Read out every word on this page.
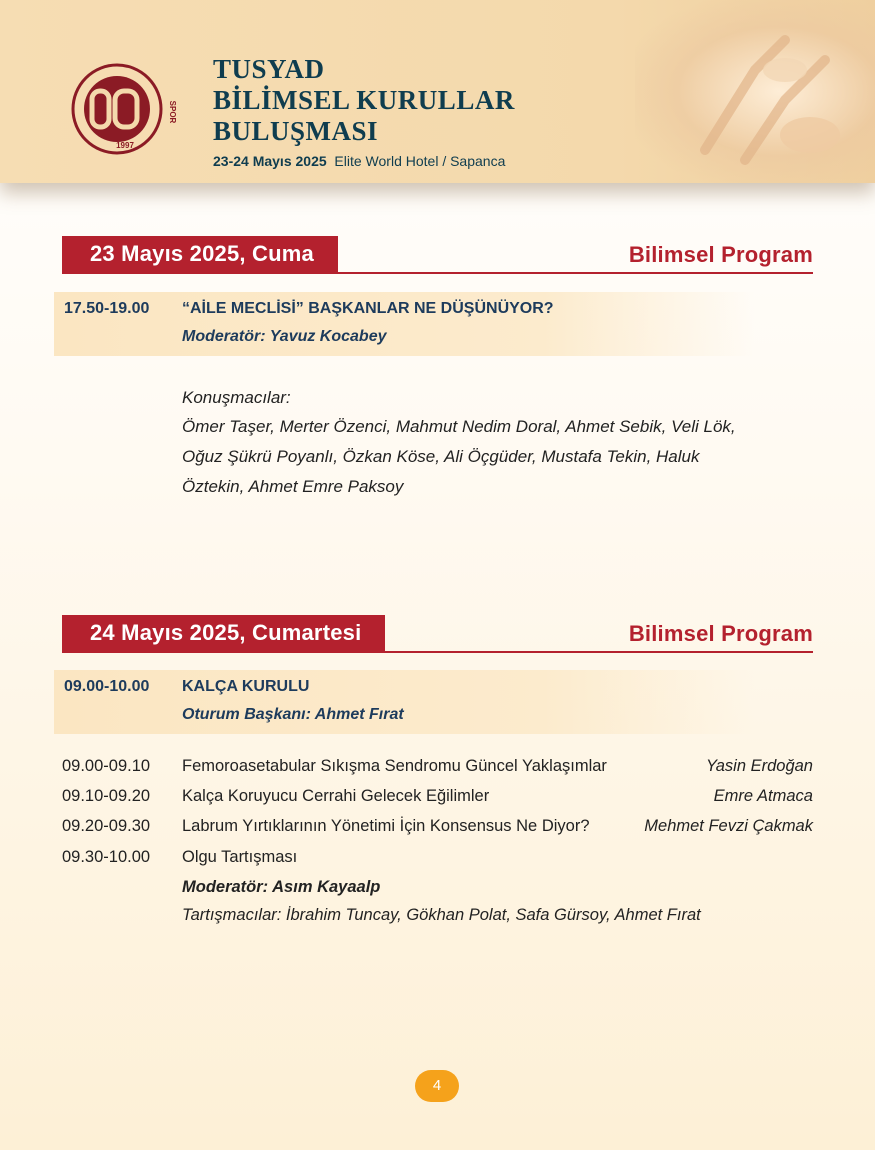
SPOR
1997
TUSYAD
BİLİMSEL KURULLAR
BULUŞMASI
23-24 Mayıs 2025 Elite World Hotel / Sapanca
23 Mayıs 2025, Cuma	Bilimsel Program
17.50-19.00 “AİLE MECLİSİ” BAŞKANLAR NE DÜŞÜNÜYOR?
Moderatör: Yavuz Kocabey
Konuşmacılar:
Ömer Taşer, Merter Özenci, Mahmut Nedim Doral, Ahmet Sebik, Veli Lök,
Oğuz Şükrü Poyanlı, Özkan Köse, Ali Öçgüder, Mustafa Tekin, Haluk
Öztekin, Ahmet Emre Paksoy
24 Mayıs 2025, Cumartesi	Bilimsel Program
09.00-10.00 KALÇA KURULU
Oturum Başkanı: Ahmet Fırat
09.00-09.10 Femoroasetabular Sıkışma Sendromu Güncel Yaklaşımlar	Yasin Erdoğan
09.10-09.20 Kalça Koruyucu Cerrahi Gelecek Eğilimler	Emre Atmaca
09.20-09.30 Labrum Yırtıklarının Yönetimi İçin Konsensus Ne Diyor?	Mehmet Fevzi Çakmak
09.30-10.00 Olgu Tartışması
Moderatör: Asım Kayaalp
Tartışmacılar: İbrahim Tuncay, Gökhan Polat, Safa Gürsoy, Ahmet Fırat
4
